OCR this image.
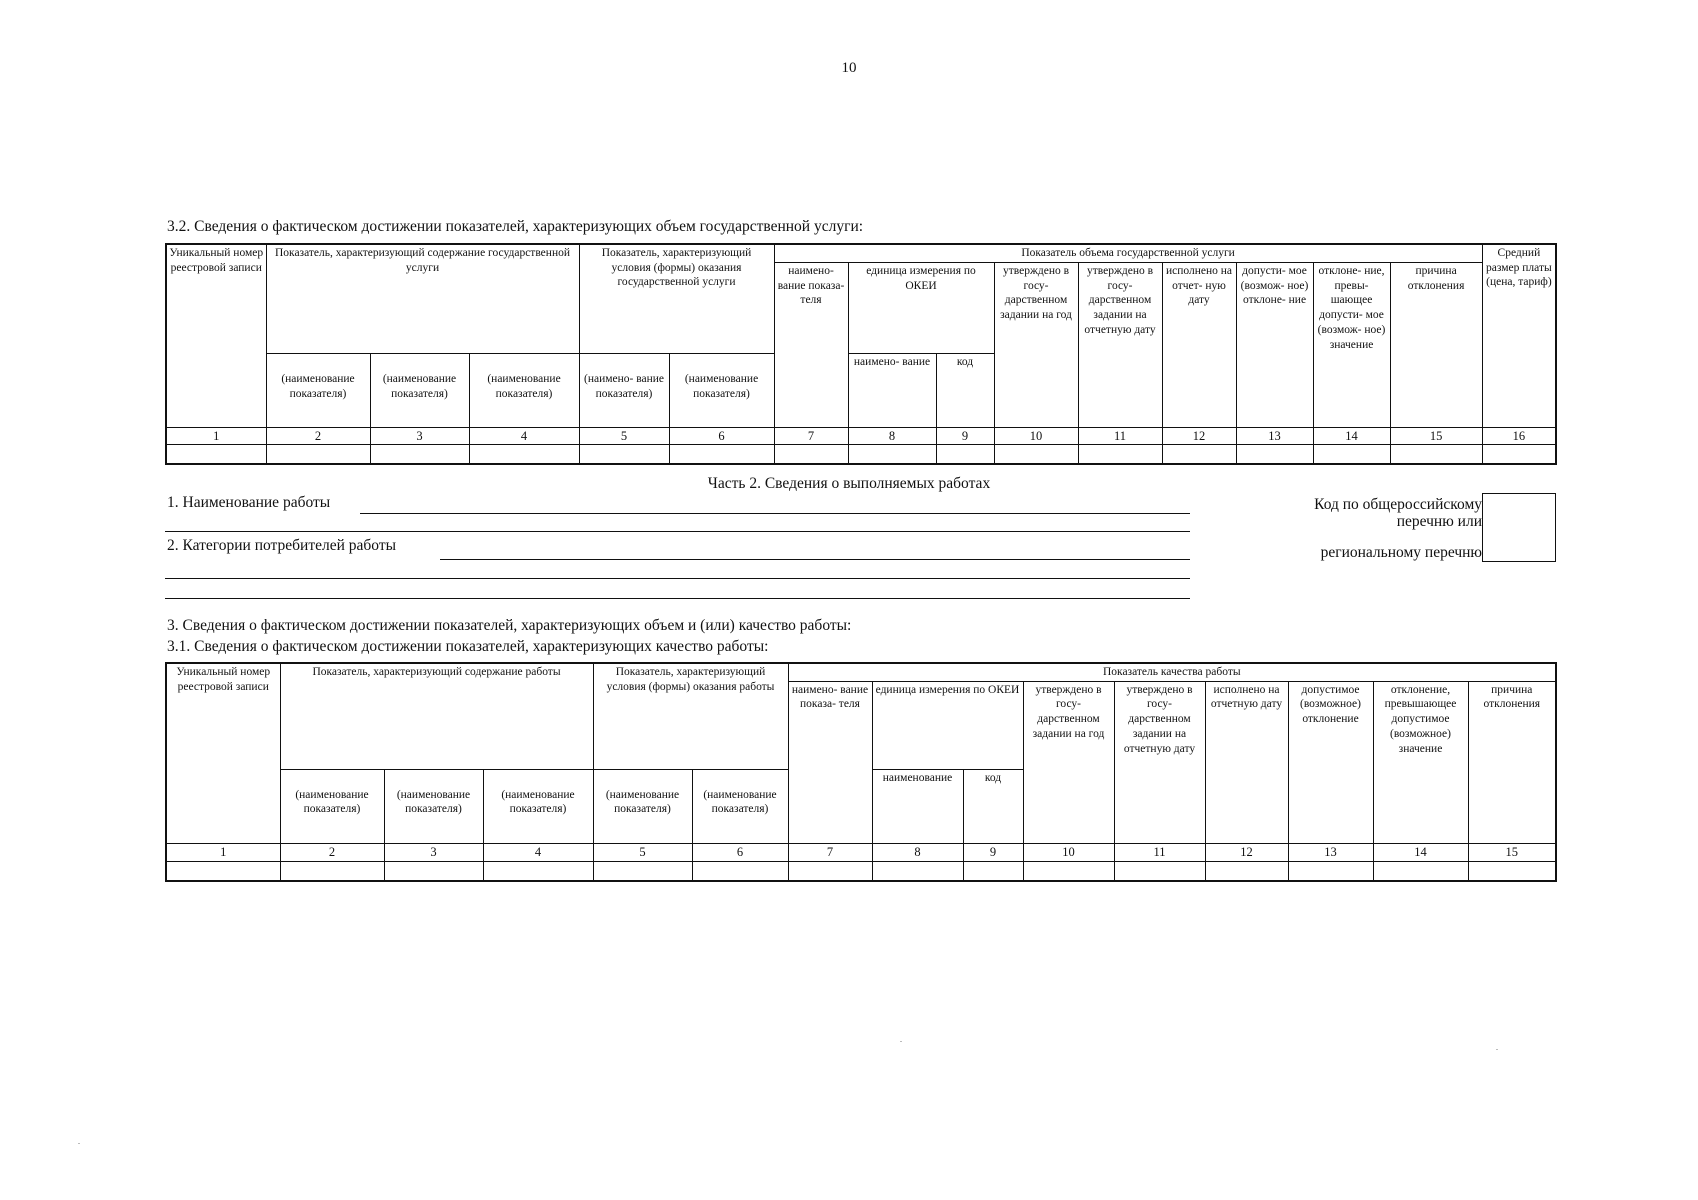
10
3.2. Сведения о фактическом достижении показателей, характеризующих объем государственной услуги:
Уникальный номер реестровой записи	Показатель, характеризующий содержание государственной услуги			Показатель, характеризующий условия (формы) оказания государственной услуги		Показатель объема государственной услуги									Средний размер платы (цена, тариф)
						наимено- вание показа- теля	единица измерения по ОКЕИ		утверждено в госу- дарственном задании на год	утверждено в госу- дарственном задании на отчетную дату	исполнено на отчет- ную дату	допусти- мое (возмож- ное) отклоне- ние	отклоне- ние, превы- шающее допусти- мое (возмож- ное) значение	причина отклонения	
	(наименование показателя)	(наименование показателя)	(наименование показателя)	(наимено- вание показателя)	(наименование показателя)		наимено- вание	код							
1	2	3	4	5	6	7	8	9	10	11	12	13	14	15	16

Часть 2. Сведения о выполняемых работах
1. Наименование работы
2. Категории потребителей работы
Код по общероссийскому
перечню или
региональному перечню
3. Сведения о фактическом достижении показателей, характеризующих объем и (или) качество работы:
3.1. Сведения о фактическом достижении показателей, характеризующих качество работы:
Уникальный номер реестровой записи	Показатель, характеризующий содержание работы			Показатель, характеризующий условия (формы) оказания работы		Показатель качества работы								
						наимено- вание показа- теля	единица измерения по ОКЕИ		утверждено в госу- дарственном задании на год	утверждено в госу- дарственном задании на отчетную дату	исполнено на отчетную дату	допустимое (возможное) отклонение	отклонение, превышающее допустимое (возможное) значение	причина отклонения
	(наименование показателя)	(наименование показателя)	(наименование показателя)	(наименование показателя)	(наименование показателя)		наименование	код						
1	2	3	4	5	6	7	8	9	10	11	12	13	14	15
